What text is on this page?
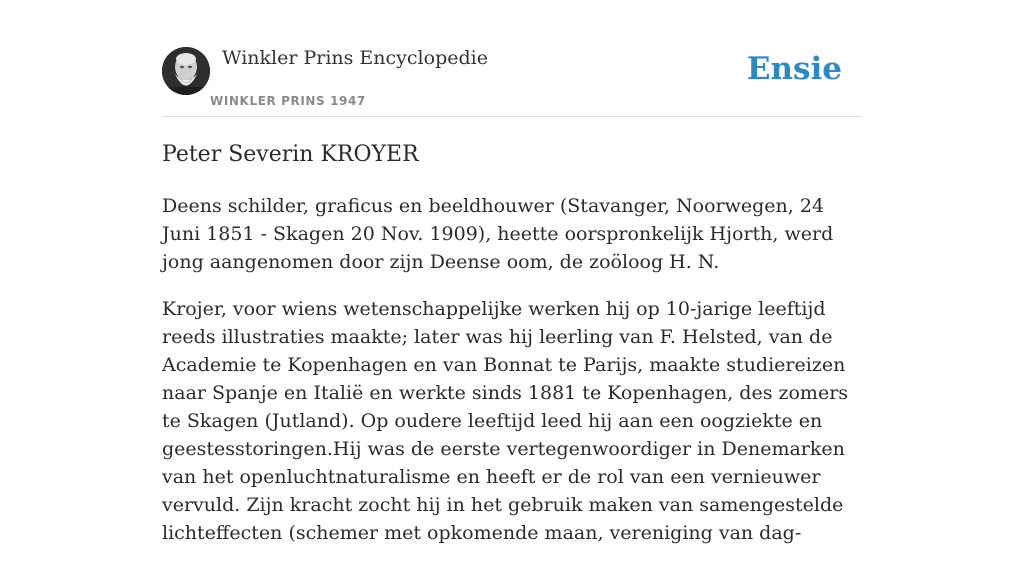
Winkler Prins Encyclopedie
WINKLER PRINS 1947
Ensie
Peter Severin KROYER

Deens schilder, graficus en beeldhouwer (Stavanger, Noorwegen, 24 Juni 1851 - Skagen 20 Nov. 1909), heette oorspronkelijk Hjorth, werd jong aangenomen door zijn Deense oom, de zoöloog H. N.

Krojer, voor wiens wetenschappelijke werken hij op 10-jarige leeftijd reeds illustraties maakte; later was hij leerling van F. Helsted, van de Academie te Kopenhagen en van Bonnat te Parijs, maakte studiereizen naar Spanje en Italië en werkte sinds 1881 te Kopenhagen, des zomers te Skagen (Jutland). Op oudere leeftijd leed hij aan een oogziekte en geestesstoringen.Hij was de eerste vertegenwoordiger in Denemarken van het openluchtnaturalisme en heeft er de rol van een vernieuwer vervuld. Zijn kracht zocht hij in het gebruik maken van samengestelde lichteffecten (schemer met opkomende maan, vereniging van dag-
